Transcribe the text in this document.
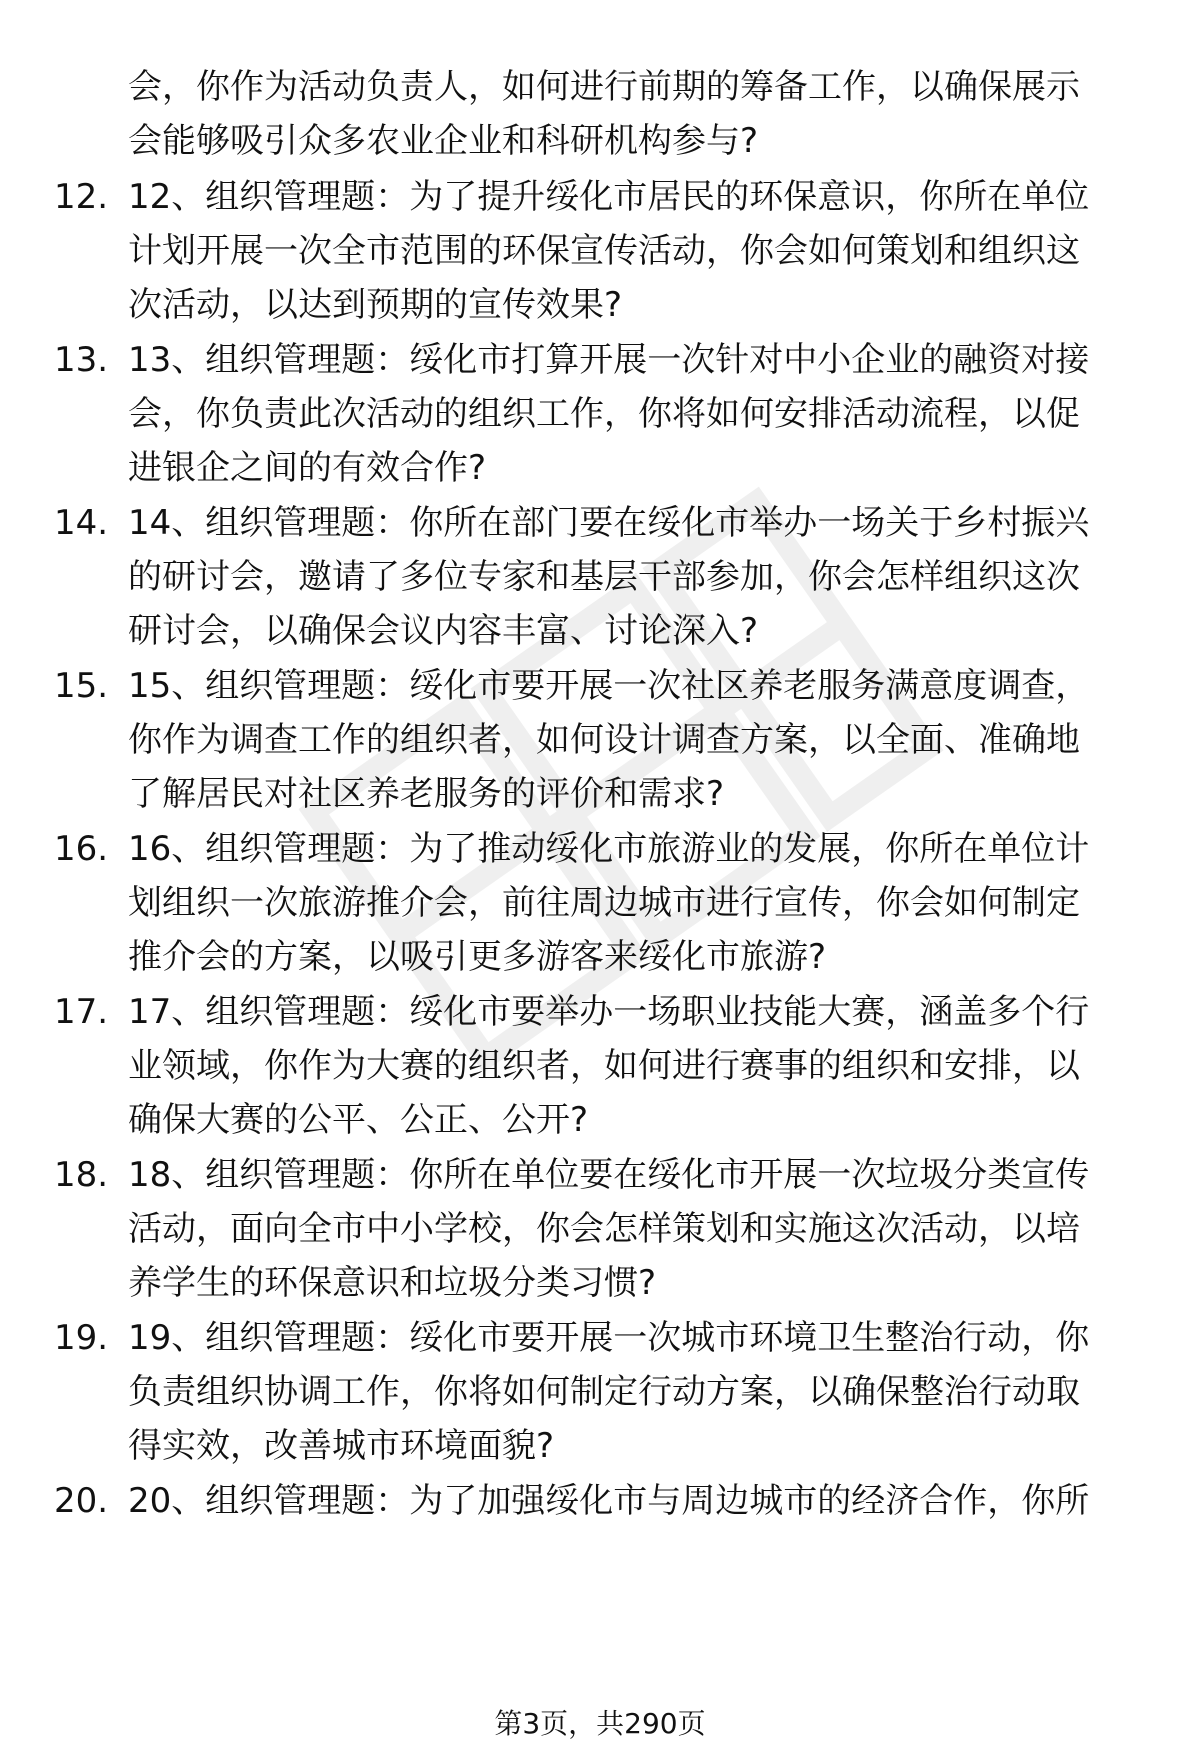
会，你作为活动负责人，如何进行前期的筹备工作，以确保展示
会能够吸引众多农业企业和科研机构参与?
12. 12、组织管理题：为了提升绥化市居民的环保意识，你所在单位
计划开展一次全市范围的环保宣传活动，你会如何策划和组织这
次活动，以达到预期的宣传效果?
13. 13、组织管理题：绥化市打算开展一次针对中小企业的融资对接
会，你负责此次活动的组织工作，你将如何安排活动流程，以促
进银企之间的有效合作?
14. 14、组织管理题：你所在部门要在绥化市举办一场关于乡村振兴
的研讨会，邀请了多位专家和基层干部参加，你会怎样组织这次
研讨会，以确保会议内容丰富、讨论深入?
15. 15、组织管理题：绥化市要开展一次社区养老服务满意度调查，
你作为调查工作的组织者，如何设计调查方案，以全面、准确地
了解居民对社区养老服务的评价和需求?
16. 16、组织管理题：为了推动绥化市旅游业的发展，你所在单位计
划组织一次旅游推介会，前往周边城市进行宣传，你会如何制定
推介会的方案，以吸引更多游客来绥化市旅游?
17. 17、组织管理题：绥化市要举办一场职业技能大赛，涵盖多个行
业领域，你作为大赛的组织者，如何进行赛事的组织和安排，以
确保大赛的公平、公正、公开?
18. 18、组织管理题：你所在单位要在绥化市开展一次垃圾分类宣传
活动，面向全市中小学校，你会怎样策划和实施这次活动，以培
养学生的环保意识和垃圾分类习惯?
19. 19、组织管理题：绥化市要开展一次城市环境卫生整治行动，你
负责组织协调工作，你将如何制定行动方案，以确保整治行动取
得实效，改善城市环境面貌?
20. 20、组织管理题：为了加强绥化市与周边城市的经济合作，你所
第3页，共290页
